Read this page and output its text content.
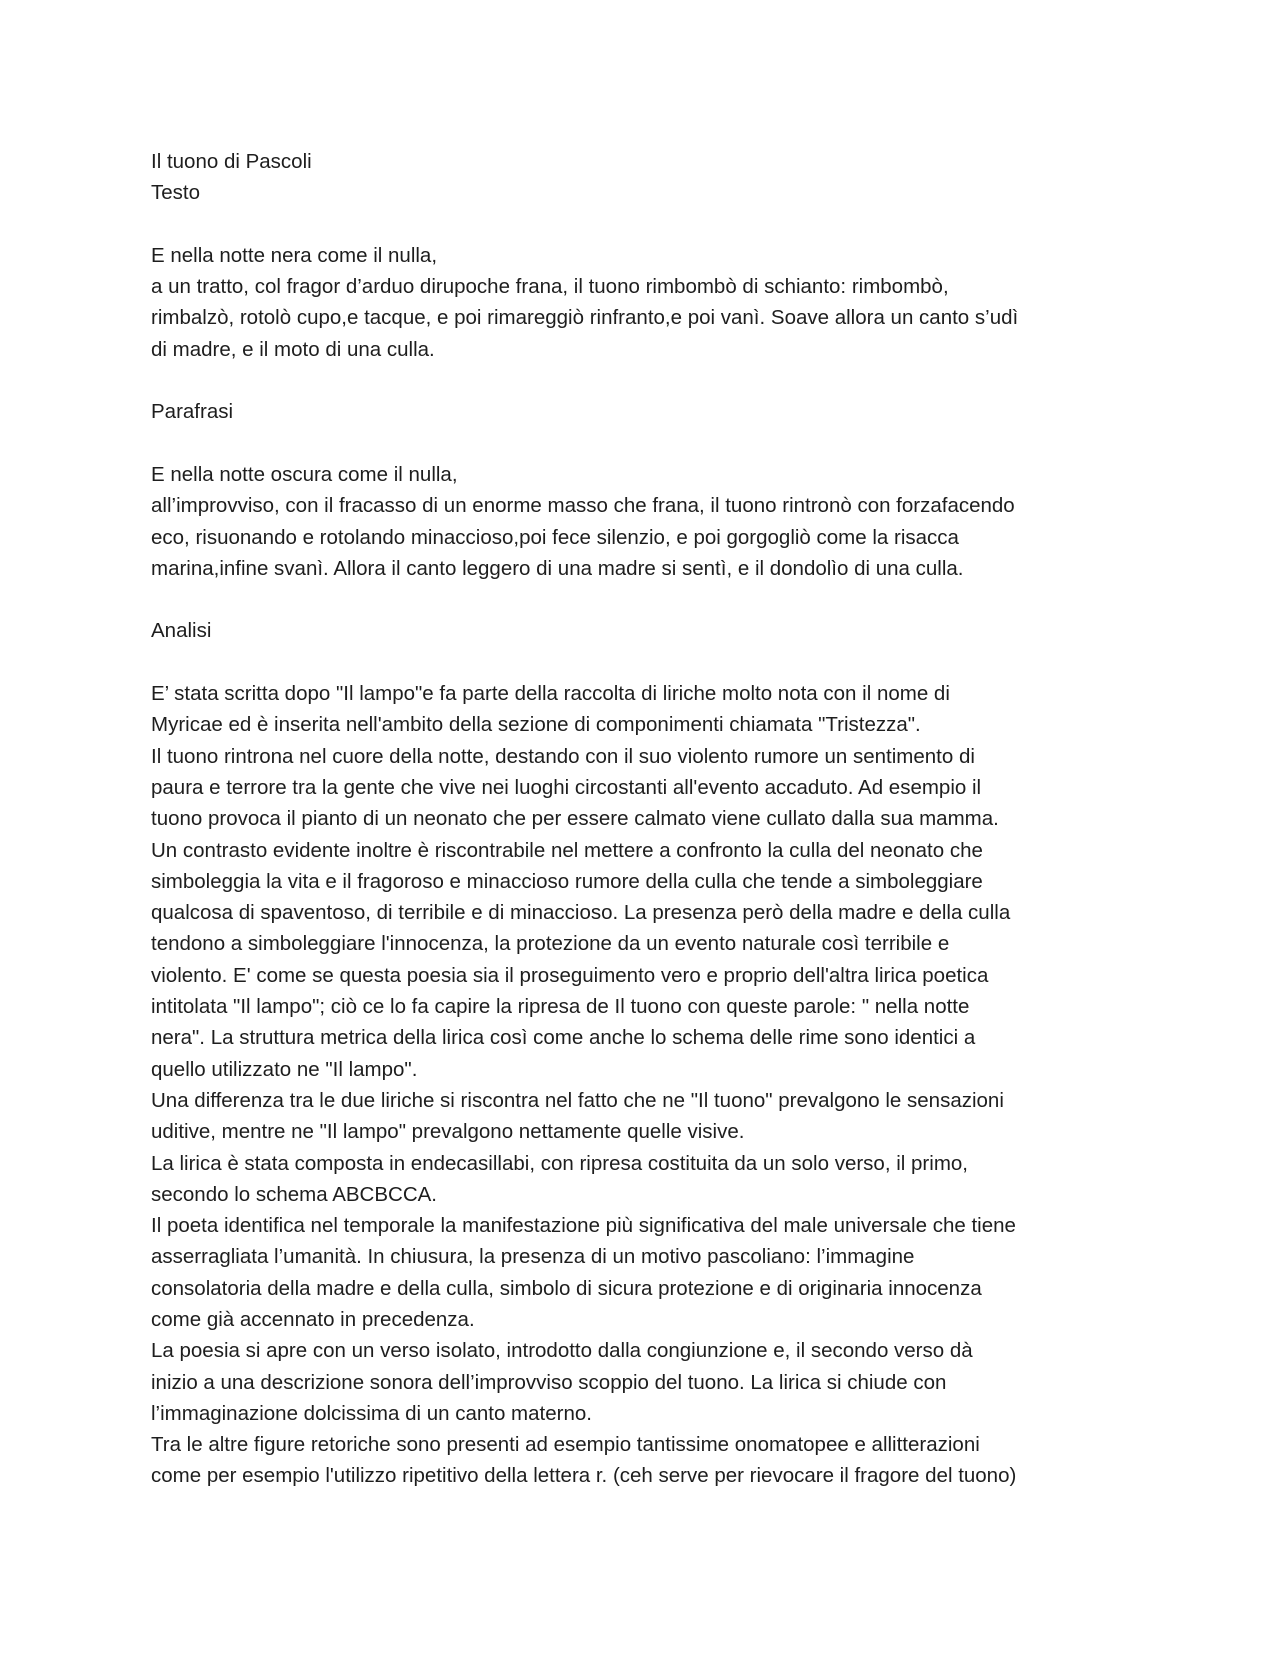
Il tuono di Pascoli
Testo
E nella notte nera come il nulla,
a un tratto, col fragor d’arduo dirupoche frana, il tuono rimbombò di schianto: rimbombò,
rimbalzò, rotolò cupo,e tacque, e poi rimareggiò rinfranto,e poi vanì. Soave allora un canto s’udì
di madre, e il moto di una culla.
Parafrasi
E nella notte oscura come il nulla,
all’improvviso, con il fracasso di un enorme masso che frana, il tuono rintronò con forzafacendo
eco, risuonando e rotolando minaccioso,poi fece silenzio, e poi gorgogliò come la risacca
marina,infine svanì. Allora il canto leggero di una madre si sentì, e il dondolìo di una culla.
Analisi
E’ stata scritta dopo "Il lampo"e fa parte della raccolta di liriche molto nota con il nome di
Myricae ed è inserita nell'ambito della sezione di componimenti chiamata "Tristezza".
Il tuono rintrona nel cuore della notte, destando con il suo violento rumore un sentimento di
paura e terrore tra la gente che vive nei luoghi circostanti all'evento accaduto. Ad esempio il
tuono provoca il pianto di un neonato che per essere calmato viene cullato dalla sua mamma.
Un contrasto evidente inoltre è riscontrabile nel mettere a confronto la culla del neonato che
simboleggia la vita e il fragoroso e minaccioso rumore della culla che tende a simboleggiare
qualcosa di spaventoso, di terribile e di minaccioso. La presenza però della madre e della culla
tendono a simboleggiare l'innocenza, la protezione da un evento naturale così terribile e
violento. E' come se questa poesia sia il proseguimento vero e proprio dell'altra lirica poetica
intitolata "Il lampo"; ciò ce lo fa capire la ripresa de Il tuono con queste parole: " nella notte
nera". La struttura metrica della lirica così come anche lo schema delle rime sono identici a
quello utilizzato ne "Il lampo".
Una differenza tra le due liriche si riscontra nel fatto che ne "Il tuono" prevalgono le sensazioni
uditive, mentre ne "Il lampo" prevalgono nettamente quelle visive.
La lirica è stata composta in endecasillabi, con ripresa costituita da un solo verso, il primo,
secondo lo schema ABCBCCA.
Il poeta identifica nel temporale la manifestazione più significativa del male universale che tiene
asserragliata l’umanità. In chiusura, la presenza di un motivo pascoliano: l’immagine
consolatoria della madre e della culla, simbolo di sicura protezione e di originaria innocenza
come già accennato in precedenza.
La poesia si apre con un verso isolato, introdotto dalla congiunzione e, il secondo verso dà
inizio a una descrizione sonora dell’improvviso scoppio del tuono. La lirica si chiude con
l’immaginazione dolcissima di un canto materno.
Tra le altre figure retoriche sono presenti ad esempio tantissime onomatopee e allitterazioni
come per esempio l'utilizzo ripetitivo della lettera r. (ceh serve per rievocare il fragore del tuono)
